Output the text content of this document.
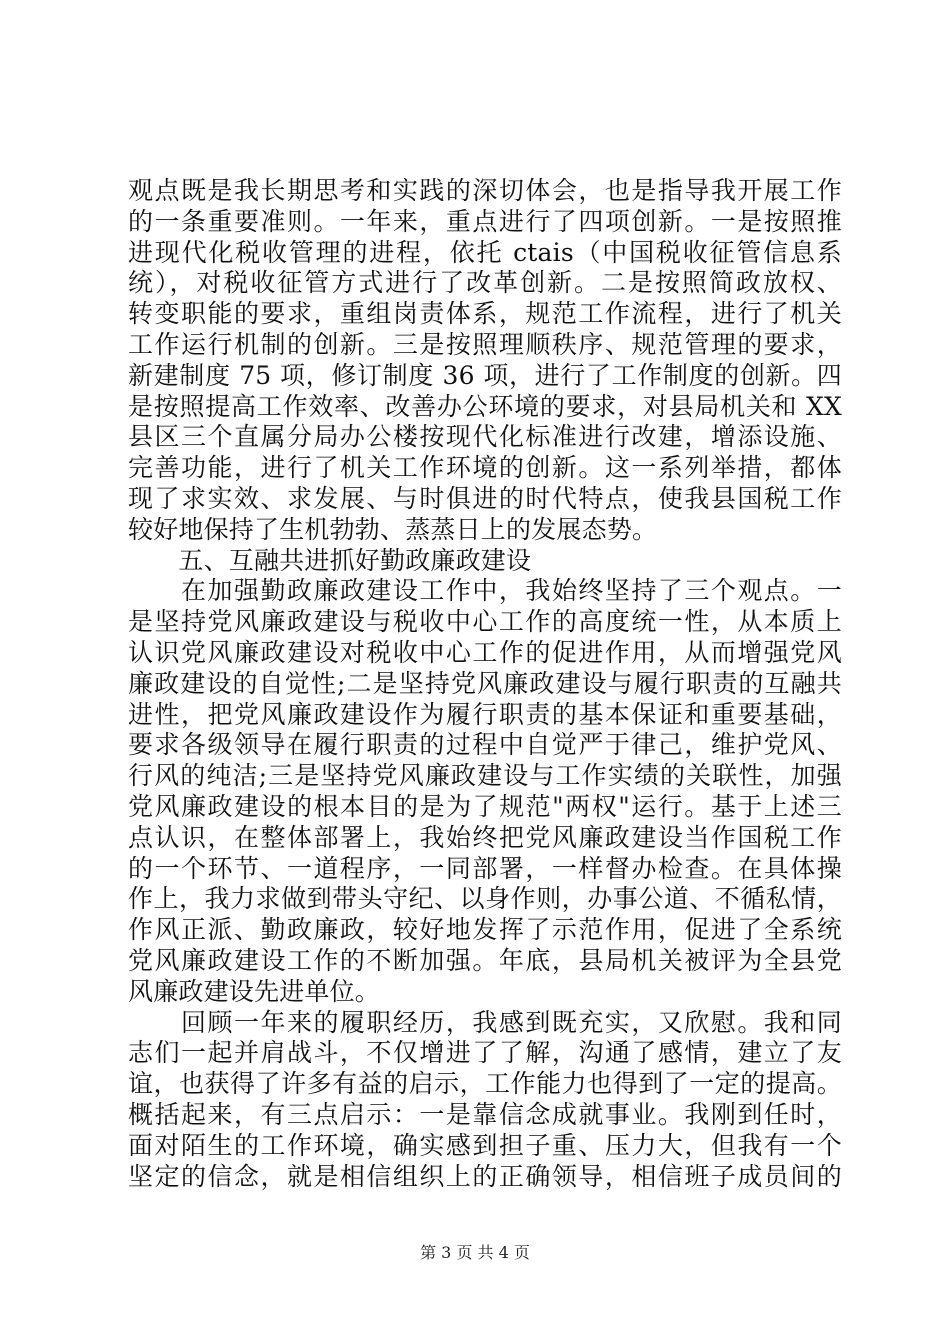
观点既是我长期思考和实践的深切体会，也是指导我开展工作
的一条重要准则。一年来，重点进行了四项创新。一是按照推
进现代化税收管理的进程，依托 ctais（中国税收征管信息系
统），对税收征管方式进行了改革创新。二是按照简政放权、
转变职能的要求，重组岗责体系，规范工作流程，进行了机关
工作运行机制的创新。三是按照理顺秩序、规范管理的要求，
新建制度 75 项，修订制度 36 项，进行了工作制度的创新。四
是按照提高工作效率、改善办公环境的要求，对县局机关和 XX
县区三个直属分局办公楼按现代化标准进行改建，增添设施、
完善功能，进行了机关工作环境的创新。这一系列举措，都体
现了求实效、求发展、与时俱进的时代特点，使我县国税工作
较好地保持了生机勃勃、蒸蒸日上的发展态势。
　　五、互融共进抓好勤政廉政建设
　　在加强勤政廉政建设工作中，我始终坚持了三个观点。一
是坚持党风廉政建设与税收中心工作的高度统一性，从本质上
认识党风廉政建设对税收中心工作的促进作用，从而增强党风
廉政建设的自觉性;二是坚持党风廉政建设与履行职责的互融共
进性，把党风廉政建设作为履行职责的基本保证和重要基础，
要求各级领导在履行职责的过程中自觉严于律己，维护党风、
行风的纯洁;三是坚持党风廉政建设与工作实绩的关联性，加强
党风廉政建设的根本目的是为了规范"两权"运行。基于上述三
点认识，在整体部署上，我始终把党风廉政建设当作国税工作
的一个环节、一道程序，一同部署，一样督办检查。在具体操
作上，我力求做到带头守纪、以身作则，办事公道、不循私情，
作风正派、勤政廉政，较好地发挥了示范作用，促进了全系统
党风廉政建设工作的不断加强。年底，县局机关被评为全县党
风廉政建设先进单位。
　　回顾一年来的履职经历，我感到既充实，又欣慰。我和同
志们一起并肩战斗，不仅增进了了解，沟通了感情，建立了友
谊，也获得了许多有益的启示，工作能力也得到了一定的提高。
概括起来，有三点启示：一是靠信念成就事业。我刚到任时，
面对陌生的工作环境，确实感到担子重、压力大，但我有一个
坚定的信念，就是相信组织上的正确领导，相信班子成员间的
第 3 页 共 4 页
